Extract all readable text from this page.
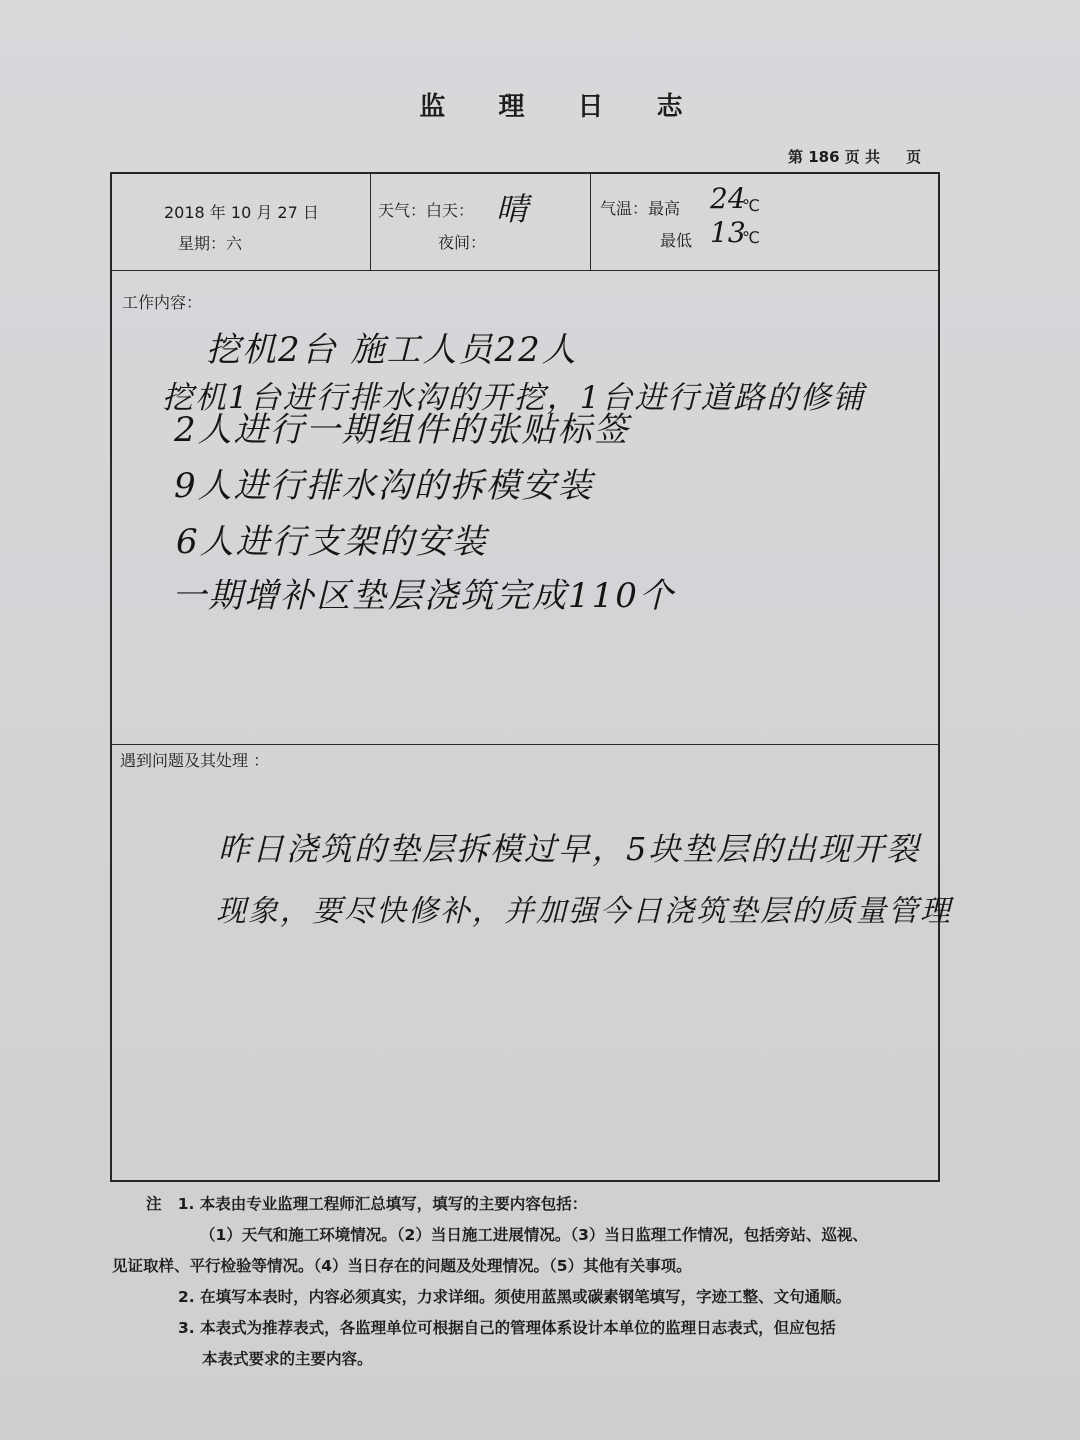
监 理 日 志
第 186 页 共     页
2018 年 10 月 27 日
星期：六
天气：白天： 晴
夜间：
气温：最高 24
℃
最低 13
℃
工作内容：
挖机2台 施工人员22人
挖机1台进行排水沟的开挖，1台进行道路的修铺
2人进行一期组件的张贴标签
9人进行排水沟的拆模安装
6人进行支架的安装
一期增补区垫层浇筑完成110个
遇到问题及其处理 ：
昨日浇筑的垫层拆模过早，5块垫层的出现开裂
现象，要尽快修补，并加强今日浇筑垫层的质量管理
注 1. 本表由专业监理工程师汇总填写，填写的主要内容包括：
（1）天气和施工环境情况。（2）当日施工进展情况。（3）当日监理工作情况，包括旁站、巡视、
见证取样、平行检验等情况。（4）当日存在的问题及处理情况。（5）其他有关事项。
2. 在填写本表时，内容必须真实，力求详细。须使用蓝黑或碳素钢笔填写，字迹工整、文句通顺。
3. 本表式为推荐表式，各监理单位可根据自己的管理体系设计本单位的监理日志表式，但应包括
本表式要求的主要内容。
